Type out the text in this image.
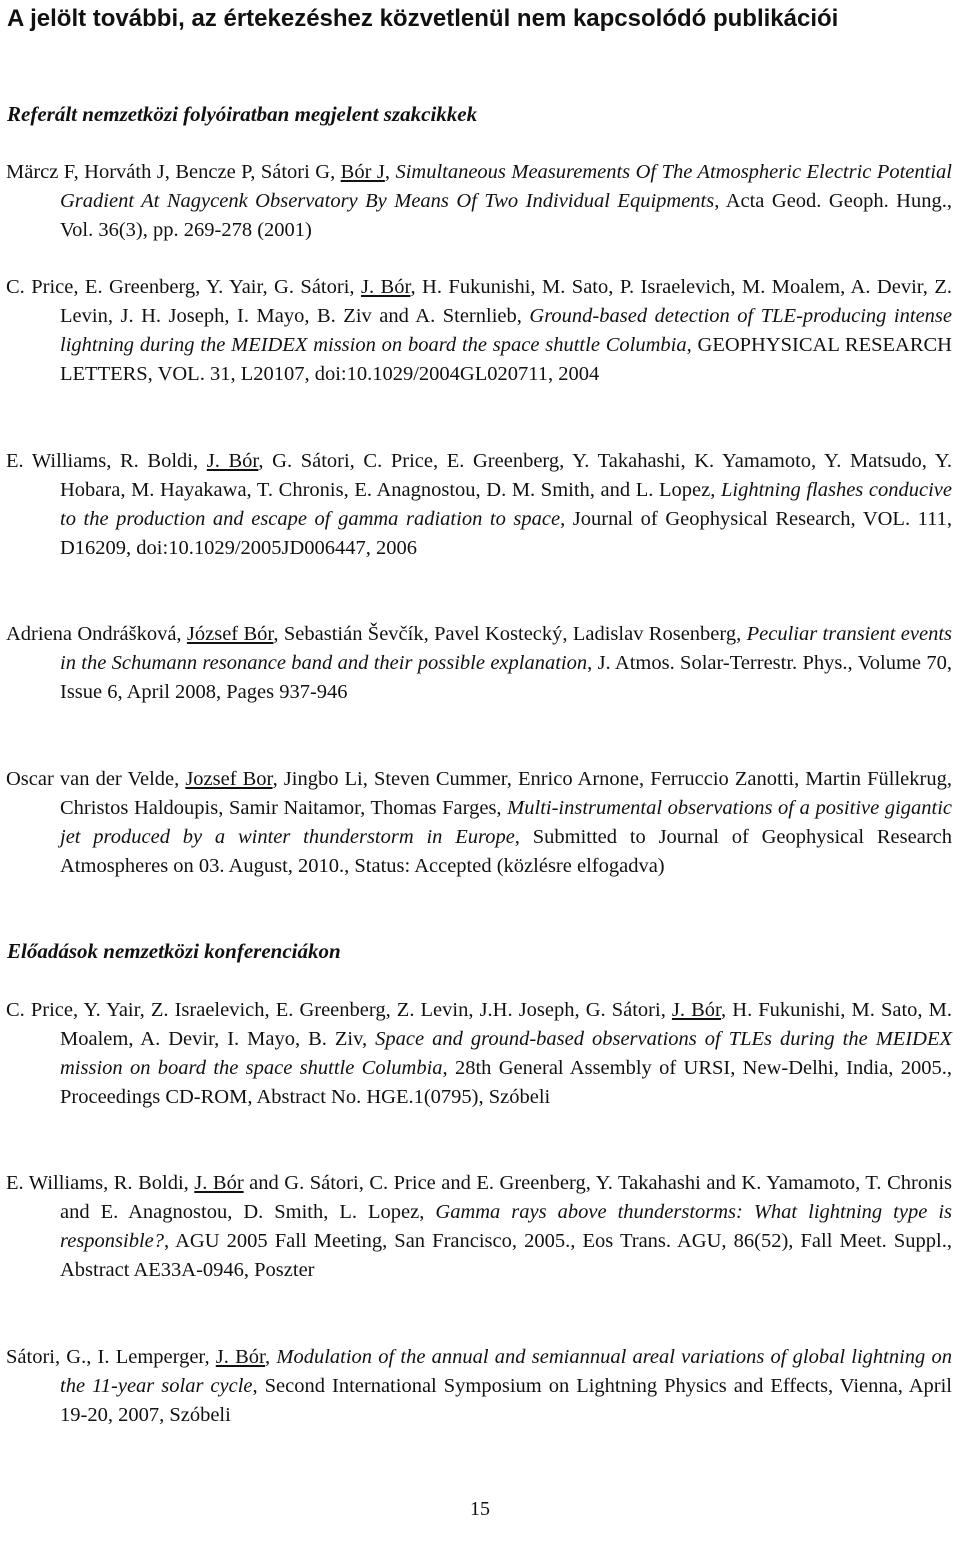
A jelölt további, az értekezéshez közvetlenül nem kapcsolódó publikációi
Referált nemzetközi folyóiratban megjelent szakcikkek
Märcz F, Horváth J, Bencze P, Sátori G, Bór J, Simultaneous Measurements Of The Atmospheric Electric Potential Gradient At Nagycenk Observatory By Means Of Two Individual Equipments, Acta Geod. Geoph. Hung., Vol. 36(3), pp. 269-278 (2001)
C. Price, E. Greenberg, Y. Yair, G. Sátori, J. Bór, H. Fukunishi, M. Sato, P. Israelevich, M. Moalem, A. Devir, Z. Levin, J. H. Joseph, I. Mayo, B. Ziv and A. Sternlieb, Ground-based detection of TLE-producing intense lightning during the MEIDEX mission on board the space shuttle Columbia, GEOPHYSICAL RESEARCH LETTERS, VOL. 31, L20107, doi:10.1029/2004GL020711, 2004
E. Williams, R. Boldi, J. Bór, G. Sátori, C. Price, E. Greenberg, Y. Takahashi, K. Yamamoto, Y. Matsudo, Y. Hobara, M. Hayakawa, T. Chronis, E. Anagnostou, D. M. Smith, and L. Lopez, Lightning flashes conducive to the production and escape of gamma radiation to space, Journal of Geophysical Research, VOL. 111, D16209, doi:10.1029/2005JD006447, 2006
Adriena Ondrášková, József Bór, Sebastián Ševčík, Pavel Kostecký, Ladislav Rosenberg, Peculiar transient events in the Schumann resonance band and their possible explanation, J. Atmos. Solar-Terrestr. Phys., Volume 70, Issue 6, April 2008, Pages 937-946
Oscar van der Velde, Jozsef Bor, Jingbo Li, Steven Cummer, Enrico Arnone, Ferruccio Zanotti, Martin Füllekrug, Christos Haldoupis, Samir Naitamor, Thomas Farges, Multi-instrumental observations of a positive gigantic jet produced by a winter thunderstorm in Europe, Submitted to Journal of Geophysical Research Atmospheres on 03. August, 2010., Status: Accepted (közlésre elfogadva)
Előadások nemzetközi konferenciákon
C. Price, Y. Yair, Z. Israelevich, E. Greenberg, Z. Levin, J.H. Joseph, G. Sátori, J. Bór, H. Fukunishi, M. Sato, M. Moalem, A. Devir, I. Mayo, B. Ziv, Space and ground-based observations of TLEs during the MEIDEX mission on board the space shuttle Columbia, 28th General Assembly of URSI, New-Delhi, India, 2005., Proceedings CD-ROM, Abstract No. HGE.1(0795), Szóbeli
E. Williams, R. Boldi, J. Bór and G. Sátori, C. Price and E. Greenberg, Y. Takahashi and K. Yamamoto, T. Chronis and E. Anagnostou, D. Smith, L. Lopez, Gamma rays above thunderstorms: What lightning type is responsible?, AGU 2005 Fall Meeting, San Francisco, 2005., Eos Trans. AGU, 86(52), Fall Meet. Suppl., Abstract AE33A-0946, Poszter
Sátori, G., I. Lemperger, J. Bór, Modulation of the annual and semiannual areal variations of global lightning on the 11-year solar cycle, Second International Symposium on Lightning Physics and Effects, Vienna, April 19-20, 2007, Szóbeli
15
